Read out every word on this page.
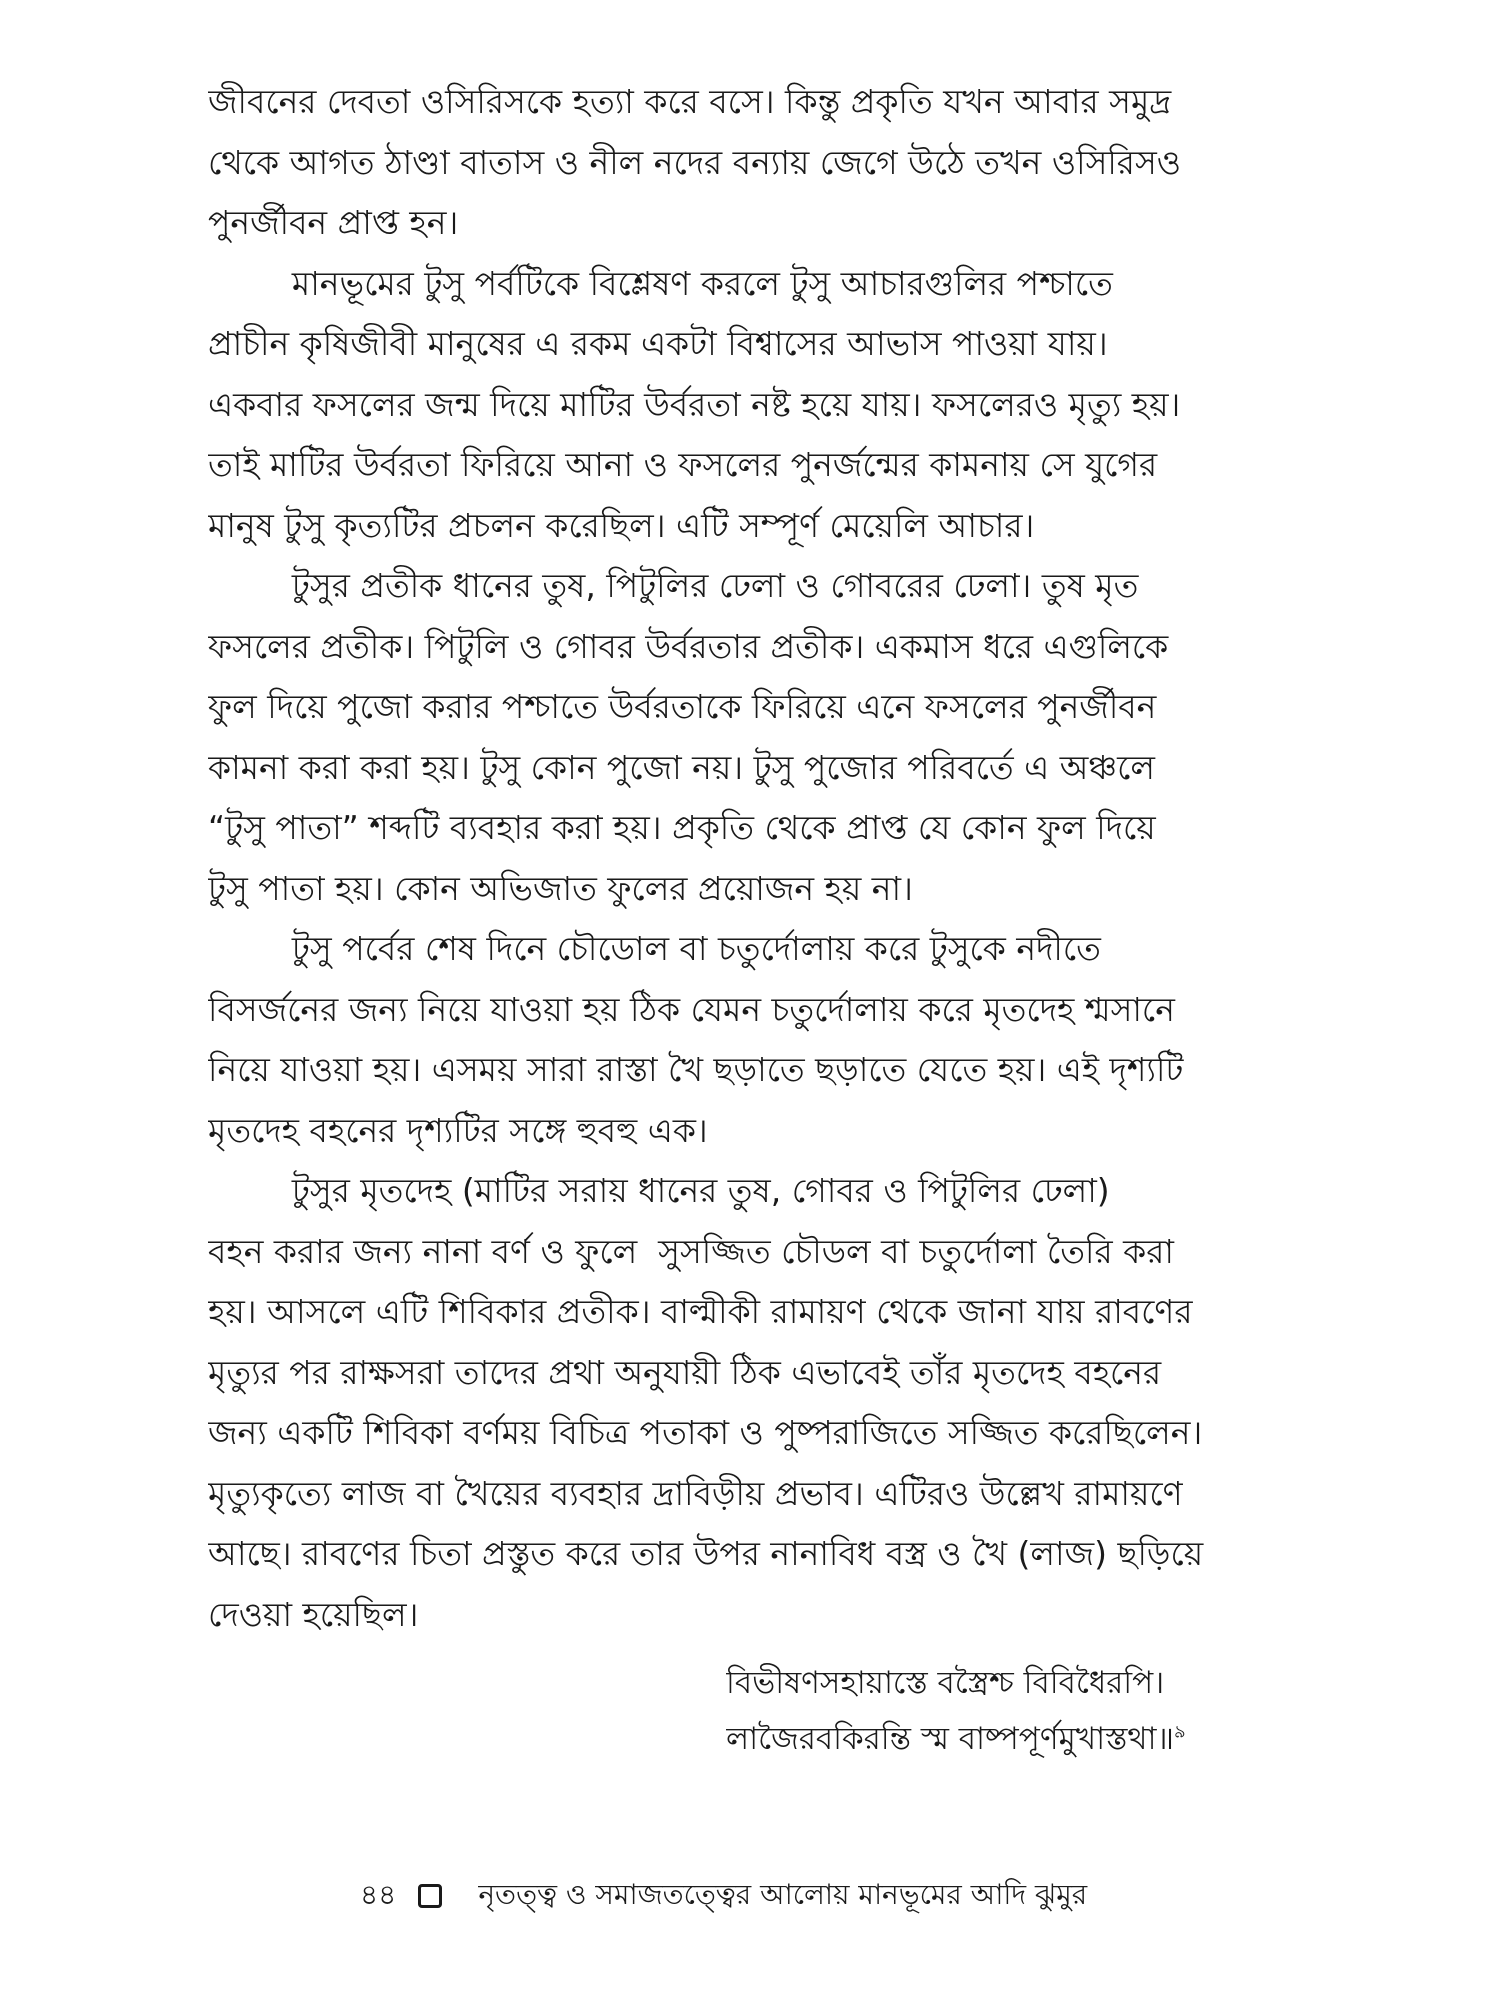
জীবনের দেবতা ওসিরিসকে হত্যা করে বসে। কিন্তু প্রকৃতি যখন আবার সমুদ্র
থেকে আগত ঠাণ্ডা বাতাস ও নীল নদের বন্যায় জেগে উঠে তখন ওসিরিসও
পুনর্জীবন প্রাপ্ত হন।
মানভূমের টুসু পর্বটিকে বিশ্লেষণ করলে টুসু আচারগুলির পশ্চাতে
প্রাচীন কৃষিজীবী মানুষের এ রকম একটা বিশ্বাসের আভাস পাওয়া যায়।
একবার ফসলের জন্ম দিয়ে মাটির উর্বরতা নষ্ট হয়ে যায়। ফসলেরও মৃত্যু হয়।
তাই মাটির উর্বরতা ফিরিয়ে আনা ও ফসলের পুনর্জন্মের কামনায় সে যুগের
মানুষ টুসু কৃত্যটির প্রচলন করেছিল। এটি সম্পূর্ণ মেয়েলি আচার।
টুসুর প্রতীক ধানের তুষ, পিটুলির ঢেলা ও গোবরের ঢেলা। তুষ মৃত
ফসলের প্রতীক। পিটুলি ও গোবর উর্বরতার প্রতীক। একমাস ধরে এগুলিকে
ফুল দিয়ে পুজো করার পশ্চাতে উর্বরতাকে ফিরিয়ে এনে ফসলের পুনর্জীবন
কামনা করা করা হয়। টুসু কোন পুজো নয়। টুসু পুজোর পরিবর্তে এ অঞ্চলে
“টুসু পাতা” শব্দটি ব্যবহার করা হয়। প্রকৃতি থেকে প্রাপ্ত যে কোন ফুল দিয়ে
টুসু পাতা হয়। কোন অভিজাত ফুলের প্রয়োজন হয় না।
টুসু পর্বের শেষ দিনে চৌডোল বা চতুর্দোলায় করে টুসুকে নদীতে
বিসর্জনের জন্য নিয়ে যাওয়া হয় ঠিক যেমন চতুর্দোলায় করে মৃতদেহ শ্মসানে
নিয়ে যাওয়া হয়। এসময় সারা রাস্তা খৈ ছড়াতে ছড়াতে যেতে হয়। এই দৃশ্যটি
মৃতদেহ বহনের দৃশ্যটির সঙ্গে হুবহু এক।
টুসুর মৃতদেহ (মাটির সরায় ধানের তুষ, গোবর ও পিটুলির ঢেলা)
বহন করার জন্য নানা বর্ণ ও ফুলে  সুসজ্জিত চৌডল বা চতুর্দোলা তৈরি করা
হয়। আসলে এটি শিবিকার প্রতীক। বাল্মীকী রামায়ণ থেকে জানা যায় রাবণের
মৃত্যুর পর রাক্ষসরা তাদের প্রথা অনুযায়ী ঠিক এভাবেই তাঁর মৃতদেহ বহনের
জন্য একটি শিবিকা বর্ণময় বিচিত্র পতাকা ও পুষ্পরাজিতে সজ্জিত করেছিলেন।
মৃত্যুকৃত্যে লাজ বা খৈয়ের ব্যবহার দ্রাবিড়ীয় প্রভাব। এটিরও উল্লেখ রামায়ণে
আছে। রাবণের চিতা প্রস্তুত করে তার উপর নানাবিধ বস্ত্র ও খৈ (লাজ) ছড়িয়ে
দেওয়া হয়েছিল।
বিভীষণসহায়াস্তে বস্ত্রৈশ্চ বিবিধৈরপি।
লাজৈরবকিরন্তি স্ম বাষ্পপূর্ণমুখাস্তথা॥$^৯$
৪৪	নৃতত্ত্ব ও সমাজতত্ত্বের আলোয় মানভূমের আদি ঝুমুর
